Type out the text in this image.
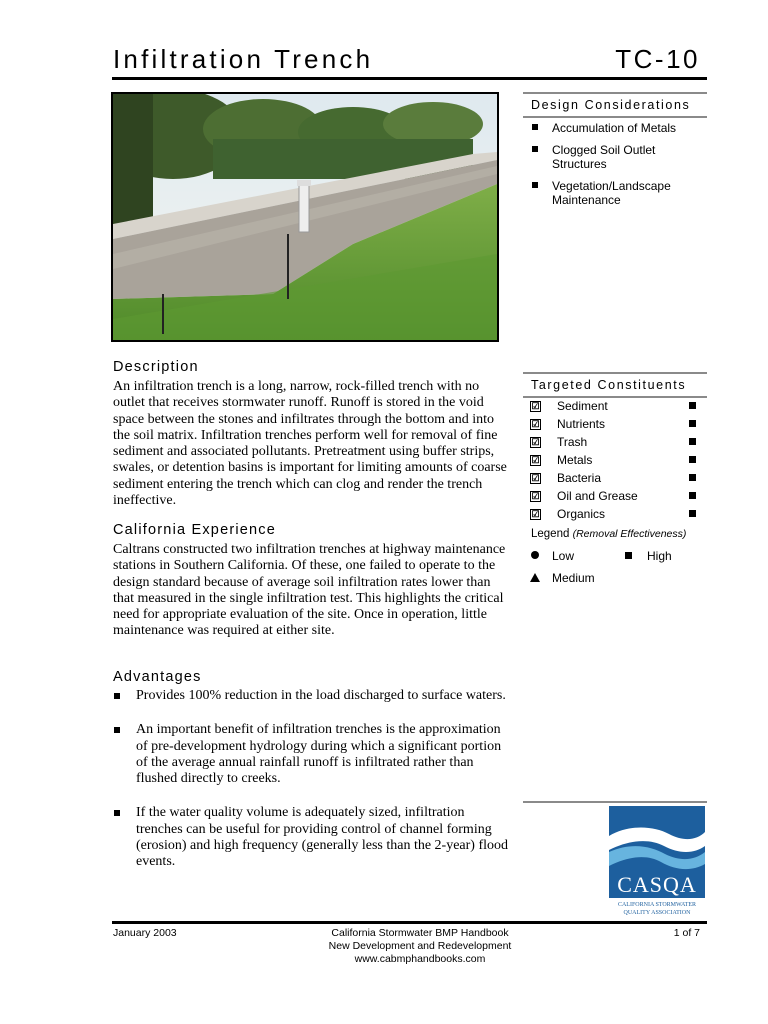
Infiltration Trench	TC-10
Design Considerations
Accumulation of Metals
Clogged Soil Outlet Structures
Vegetation/Landscape Maintenance
Targeted Constituents
☑ Sediment
☑ Nutrients
☑ Trash
☑ Metals
☑ Bacteria
☑ Oil and Grease
☑ Organics
Legend (Removal Effectiveness)
Low	High
Medium
Description
An infiltration trench is a long, narrow, rock-filled trench with no outlet that receives stormwater runoff. Runoff is stored in the void space between the stones and infiltrates through the bottom and into the soil matrix. Infiltration trenches perform well for removal of fine sediment and associated pollutants. Pretreatment using buffer strips, swales, or detention basins is important for limiting amounts of coarse sediment entering the trench which can clog and render the trench ineffective.
California Experience
Caltrans constructed two infiltration trenches at highway maintenance stations in Southern California. Of these, one failed to operate to the design standard because of average soil infiltration rates lower than that measured in the single infiltration test. This highlights the critical need for appropriate evaluation of the site. Once in operation, little maintenance was required at either site.
Advantages
Provides 100% reduction in the load discharged to surface waters.
An important benefit of infiltration trenches is the approximation of pre-development hydrology during which a significant portion of the average annual rainfall runoff is infiltrated rather than flushed directly to creeks.
If the water quality volume is adequately sized, infiltration trenches can be useful for providing control of channel forming (erosion) and high frequency (generally less than the 2-year) flood events.
CASQA
CALIFORNIA STORMWATER
QUALITY ASSOCIATION
January 2003	California Stormwater BMP Handbook
New Development and Redevelopment
www.cabmphandbooks.com
1 of 7
